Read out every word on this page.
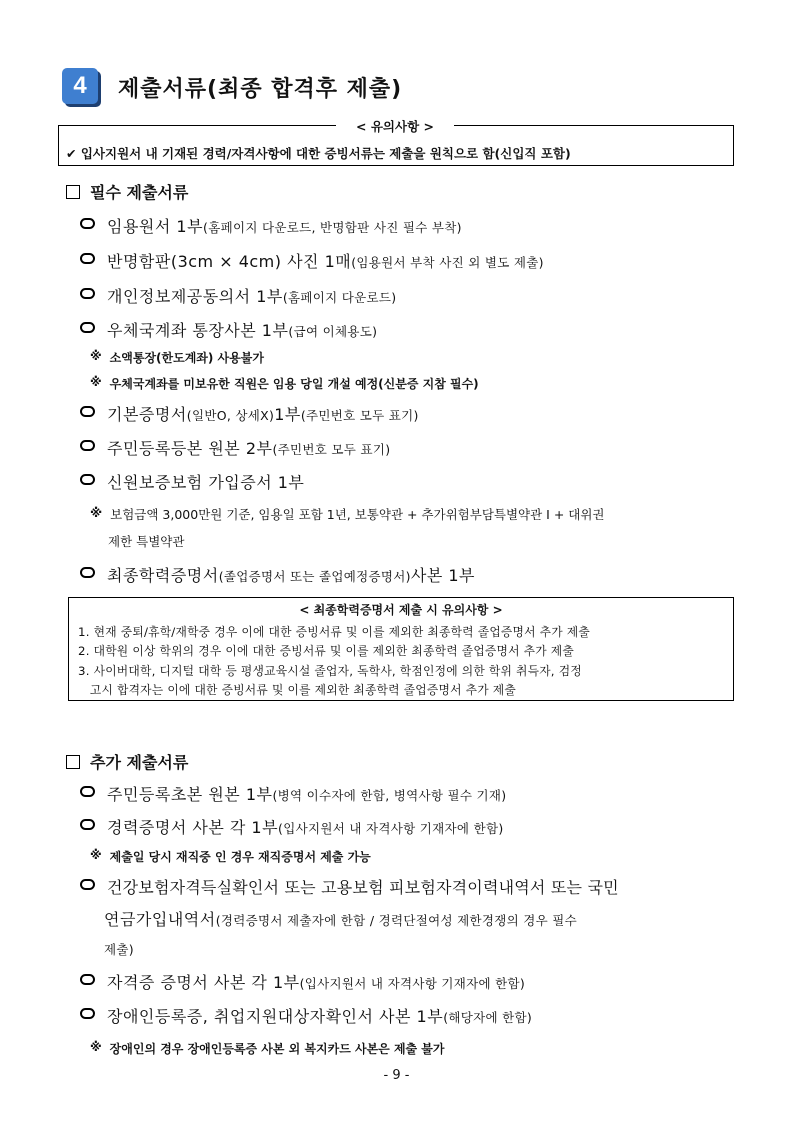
4	제출서류(최종 합격후 제출)
< 유의사항 >
✔ 입사지원서 내 기재된 경력/자격사항에 대한 증빙서류는 제출을 원칙으로 함(신입직 포함)
필수 제출서류
임용원서 1부 (홈페이지 다운로드, 반명함판 사진 필수 부착)
반명함판(3cm × 4cm) 사진 1매 (임용원서 부착 사진 외 별도 제출)
개인정보제공동의서 1부 (홈페이지 다운로드)
우체국계좌 통장사본 1부 (급여 이체용도)
※ 소액통장(한도계좌) 사용불가
※ 우체국계좌를 미보유한 직원은 임용 당일 개설 예정(신분증 지참 필수)
기본증명서 (일반O, 상세X) 1부 (주민번호 모두 표기)
주민등록등본 원본 2부 (주민번호 모두 표기)
신원보증보험 가입증서 1부
※ 보험금액 3,000만원 기준, 임용일 포함 1년, 보통약관 + 추가위험부담특별약관 I + 대위권
제한 특별약관
최종학력증명서 (졸업증명서 또는 졸업예정증명서) 사본 1부
< 최종학력증명서 제출 시 유의사항 >
1. 현재 중퇴/휴학/재학중 경우 이에 대한 증빙서류 및 이를 제외한 최종학력 졸업증명서 추가 제출
2. 대학원 이상 학위의 경우 이에 대한 증빙서류 및 이를 제외한 최종학력 졸업증명서 추가 제출
3. 사이버대학, 디지털 대학 등 평생교육시설 졸업자, 독학사, 학점인정에 의한 학위 취득자, 검정
고시 합격자는 이에 대한 증빙서류 및 이를 제외한 최종학력 졸업증명서 추가 제출
추가 제출서류
주민등록초본 원본 1부 (병역 이수자에 한함, 병역사항 필수 기재)
경력증명서 사본 각 1부 (입사지원서 내 자격사항 기재자에 한함)
※ 제출일 당시 재직중 인 경우 재직증명서 제출 가능
건강보험자격득실확인서 또는 고용보험 피보험자격이력내역서 또는 국민
연금가입내역서(경력증명서 제출자에 한함 / 경력단절여성 제한경쟁의 경우 필수
제출)
자격증 증명서 사본 각 1부 (입사지원서 내 자격사항 기재자에 한함)
장애인등록증, 취업지원대상자확인서 사본 1부 (해당자에 한함)
※ 장애인의 경우 장애인등록증 사본 외 복지카드 사본은 제출 불가
- 9 -
